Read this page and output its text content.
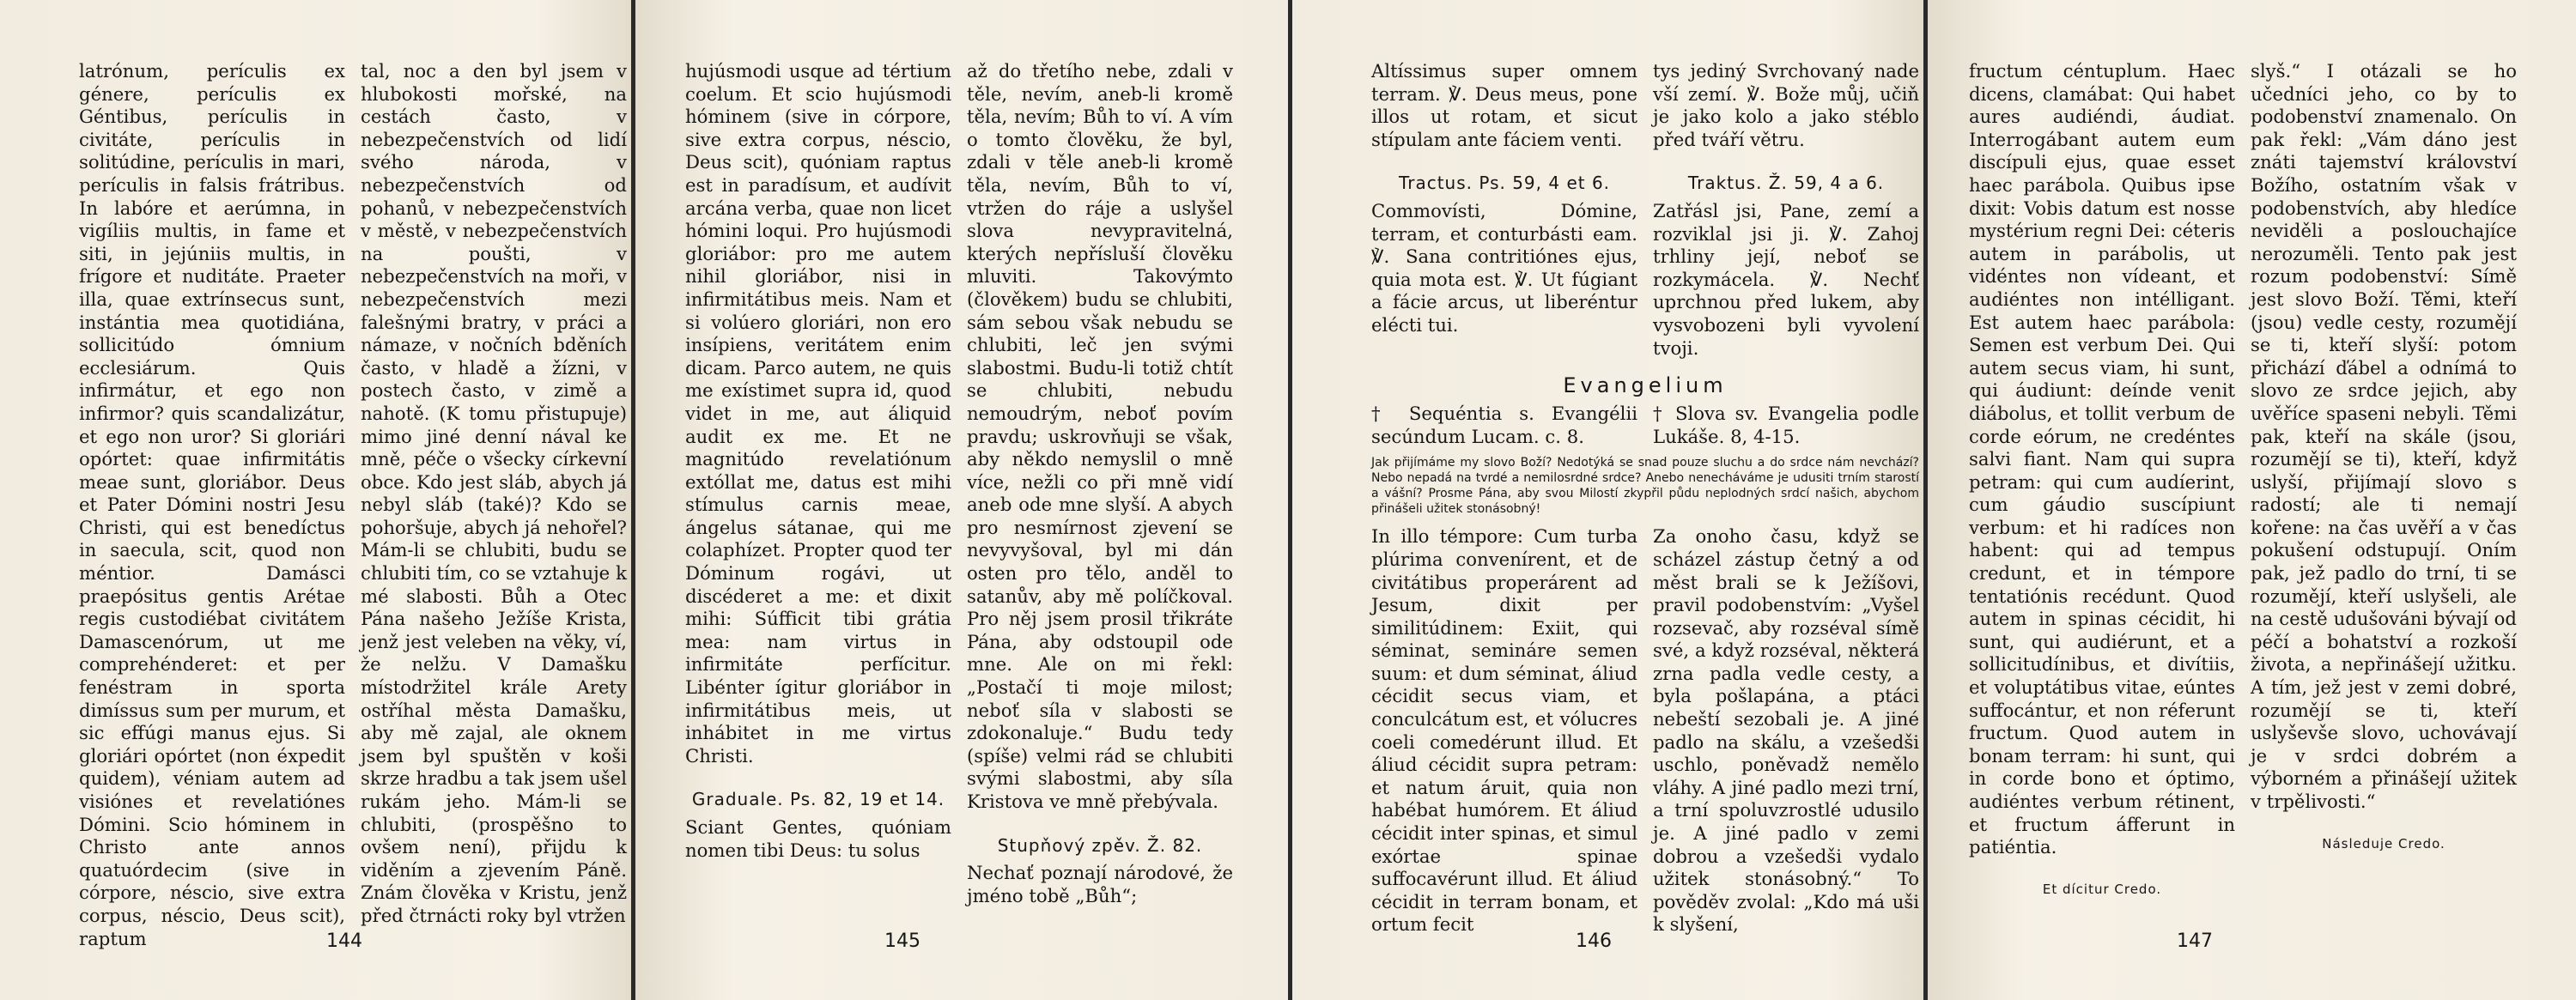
latrónum, perículis ex génere, perículis ex Géntibus, perículis in civitáte, perículis in solitúdine, perículis in mari, perículis in falsis frátribus. In labóre et aerúmna, in vigíliis multis, in fame et siti, in jejúniis multis, in frígore et nuditáte. Praeter illa, quae extrínsecus sunt, instántia mea quotidiána, sollicitúdo ómnium ecclesiárum. Quis infirmátur, et ego non infirmor? quis scandalizátur, et ego non uror? Si gloriári opórtet: quae infirmitátis meae sunt, gloriábor. Deus et Pater Dómini nostri Jesu Christi, qui est benedíctus in saecula, scit, quod non méntior. Damásci praepósitus gentis Arétae regis custodiébat civitátem Damascenórum, ut me comprehénderet: et per fenéstram in sporta dimíssus sum per murum, et sic effúgi manus ejus. Si gloriári opórtet (non éxpedit quidem), véniam autem ad visiónes et revelatiónes Dómini. Scio hóminem in Christo ante annos quatuórdecim (sive in córpore, néscio, sive extra corpus, néscio, Deus scit), raptum

tal, noc a den byl jsem v hlubokosti mořské, na cestách často, v nebezpečenstvích od lidí svého národa, v nebezpečenstvích od pohanů, v nebezpečenstvích v městě, v nebezpečenstvích na poušti, v nebezpečenstvích na moři, v nebezpečenstvích mezi falešnými bratry, v práci a námaze, v nočních bděních často, v hladě a žízni, v postech často, v zimě a nahotě. (K tomu přistupuje) mimo jiné denní nával ke mně, péče o všecky církevní obce. Kdo jest sláb, abych já nebyl sláb (také)? Kdo se pohoršuje, abych já nehořel? Mám-li se chlubiti, budu se chlubiti tím, co se vztahuje k mé slabosti. Bůh a Otec Pána našeho Ježíše Krista, jenž jest veleben na věky, ví, že nelžu. V Damašku místodržitel krále Arety ostříhal města Damašku, aby mě zajal, ale oknem jsem byl spuštěn v koši skrze hradbu a tak jsem ušel rukám jeho. Mám-li se chlubiti, (prospěšno to ovšem není), přijdu k viděním a zjevením Páně. Znám člověka v Kristu, jenž před čtrnácti roky byl vtržen

144

hujúsmodi usque ad tértium coelum. Et scio hujúsmodi hóminem (sive in córpore, sive extra corpus, néscio, Deus scit), quóniam raptus est in paradísum, et audívit arcána verba, quae non licet hómini loqui. Pro hujúsmodi gloriábor: pro me autem nihil gloriábor, nisi in infirmitátibus meis. Nam et si volúero gloriári, non ero insípiens, veritátem enim dicam. Parco autem, ne quis me exístimet supra id, quod videt in me, aut áliquid audit ex me. Et ne magnitúdo revelatiónum extóllat me, datus est mihi stímulus carnis meae, ángelus sátanae, qui me colaphízet. Propter quod ter Dóminum rogávi, ut discéderet a me: et dixit mihi: Súfficit tibi grátia mea: nam virtus in infirmitáte perfícitur. Libénter ígitur gloriábor in infirmitátibus meis, ut inhábitet in me virtus Christi.

Graduale. Ps. 82, 19 et 14.

Sciant Gentes, quóniam nomen tibi Deus: tu solus

až do třetího nebe, zdali v těle, nevím, aneb-li kromě těla, nevím; Bůh to ví. A vím o tomto člověku, že byl, zdali v těle aneb-li kromě těla, nevím, Bůh to ví, vtržen do ráje a uslyšel slova nevypravitelná, kterých nepřísluší člověku mluviti. Takovýmto (člověkem) budu se chlubiti, sám sebou však nebudu se chlubiti, leč jen svými slabostmi. Budu-li totiž chtít se chlubiti, nebudu nemoudrým, neboť povím pravdu; uskrovňuji se však, aby někdo nemyslil o mně více, nežli co při mně vidí aneb ode mne slyší. A abych pro nesmírnost zjevení se nevyvyšoval, byl mi dán osten pro tělo, anděl to satanův, aby mě políčkoval. Pro něj jsem prosil třikráte Pána, aby odstoupil ode mne. Ale on mi řekl: „Postačí ti moje milost; neboť síla v slabosti se zdokonaluje.“ Budu tedy (spíše) velmi rád se chlubiti svými slabostmi, aby síla Kristova ve mně přebývala.

Stupňový zpěv. Ž. 82.

Nechať poznají národové, že jméno tobě „Bůh“;

145

Altíssimus super omnem terram. ℣. Deus meus, pone illos ut rotam, et sicut stípulam ante fáciem venti.

Tractus. Ps. 59, 4 et 6.

Commovísti, Dómine, terram, et conturbásti eam. ℣. Sana contritiónes ejus, quia mota est. ℣. Ut fúgiant a fácie arcus, ut liberéntur elécti tui.

tys jediný Svrchovaný nade vší zemí. ℣. Bože můj, učiň je jako kolo a jako stéblo před tváří větru.

Traktus. Ž. 59, 4 a 6.

Zatřásl jsi, Pane, zemí a rozviklal jsi ji. ℣. Zahoj trhliny její, neboť se rozkymácela. ℣. Nechť uprchnou před lukem, aby vysvobozeni byli vyvolení tvoji.

Evangelium
† Sequéntia s. Evangélii secúndum Lucam. c. 8.
† Slova sv. Evangelia podle Lukáše. 8, 4-15.
Jak přijímáme my slovo Boží? Nedotýká se snad pouze sluchu a do srdce nám nevchází? Nebo nepadá na tvrdé a nemilosrdné srdce? Anebo nenecháváme je udusiti trním starostí a vášní? Prosme Pána, aby svou Milostí zkypřil půdu neplodných srdcí našich, abychom přinášeli užitek stonásobný!

In illo témpore: Cum turba plúrima convenírent, et de civitátibus properárent ad Jesum, dixit per similitúdinem: Exiit, qui séminat, semináre semen suum: et dum séminat, áliud cécidit secus viam, et conculcátum est, et vólucres coeli comedérunt illud. Et áliud cécidit supra petram: et natum áruit, quia non habébat humórem. Et áliud cécidit inter spinas, et simul exórtae spinae suffocavérunt illud. Et áliud cécidit in terram bonam, et ortum fecit

Za onoho času, když se scházel zástup četný a od měst brali se k Ježíšovi, pravil podobenstvím: „Vyšel rozsevač, aby rozséval símě své, a když rozséval, některá zrna padla vedle cesty, a byla pošlapána, a ptáci nebeští sezobali je. A jiné padlo na skálu, a vzešedši uschlo, poněvadž nemělo vláhy. A jiné padlo mezi trní, a trní spoluvzrostlé udusilo je. A jiné padlo v zemi dobrou a vzešedši vydalo užitek stonásobný.“ To pověděv zvolal: „Kdo má uši k slyšení,

146

fructum céntuplum. Haec dicens, clamábat: Qui habet aures audiéndi, áudiat. Interrogábant autem eum discípuli ejus, quae esset haec parábola. Quibus ipse dixit: Vobis datum est nosse mystérium regni Dei: céteris autem in parábolis, ut vidéntes non vídeant, et audiéntes non intélligant. Est autem haec parábola: Semen est verbum Dei. Qui autem secus viam, hi sunt, qui áudiunt: deínde venit diábolus, et tollit verbum de corde eórum, ne credéntes salvi fiant. Nam qui supra petram: qui cum audíerint, cum gáudio suscípiunt verbum: et hi radíces non habent: qui ad tempus credunt, et in témpore tentatiónis recédunt. Quod autem in spinas cécidit, hi sunt, qui audiérunt, et a sollicitudínibus, et divítiis, et voluptátibus vitae, eúntes suffocántur, et non réferunt fructum. Quod autem in bonam terram: hi sunt, qui in corde bono et óptimo, audiéntes verbum rétinent, et fructum áfferunt in patiéntia.

Et dícitur Credo.

slyš.“ I otázali se ho učedníci jeho, co by to podobenství znamenalo. On pak řekl: „Vám dáno jest znáti tajemství království Božího, ostatním však v podobenstvích, aby hledíce neviděli a poslouchajíce nerozuměli. Tento pak jest rozum podobenství: Símě jest slovo Boží. Těmi, kteří (jsou) vedle cesty, rozumějí se ti, kteří slyší: potom přichází ďábel a odnímá to slovo ze srdce jejich, aby uvěříce spaseni nebyli. Těmi pak, kteří na skále (jsou, rozumějí se ti), kteří, když uslyší, přijímají slovo s radostí; ale ti nemají kořene: na čas uvěří a v čas pokušení odstupují. Oním pak, jež padlo do trní, ti se rozumějí, kteří uslyšeli, ale na cestě udušováni bývají od péčí a bohatství a rozkoší života, a nepřinášejí užitku. A tím, jež jest v zemi dobré, rozumějí se ti, kteří uslyševše slovo, uchovávají je v srdci dobrém a výborném a přinášejí užitek v trpělivosti.“

Následuje Credo.
147
